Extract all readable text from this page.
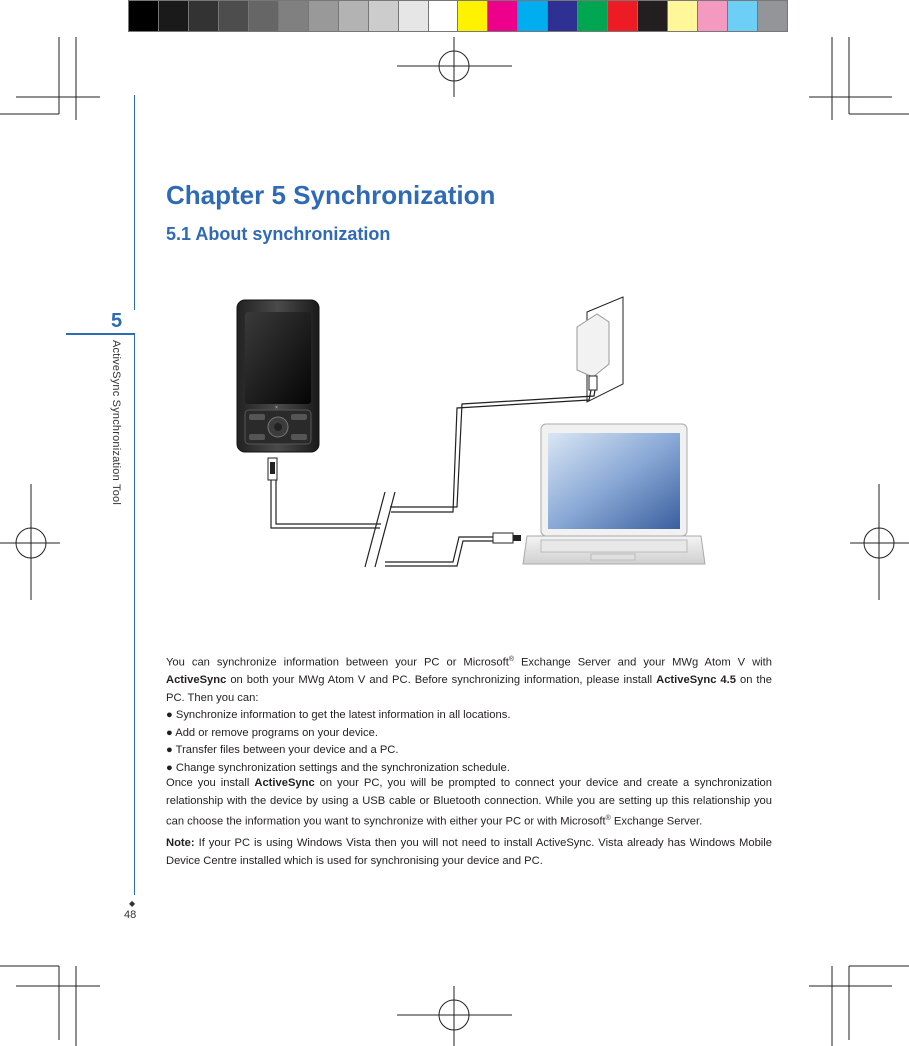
5
ActiveSync Synchronization Tool
◆
48
Chapter 5 Synchronization
5.1 About synchronization
×

You can synchronize information between your PC or Microsoft® Exchange Server and your MWg Atom V with ActiveSync on both your MWg Atom V and PC. Before synchronizing information, please install ActiveSync 4.5 on the PC. Then you can:

● Synchronize information to get the latest information in all locations.

● Add or remove programs on your device.

● Transfer files between your device and a PC.

● Change synchronization settings and the synchronization schedule.

Once you install ActiveSync on your PC, you will be prompted to connect your device and create a synchronization relationship with the device by using a USB cable or Bluetooth connection. While you are setting up this relationship you can choose the information you want to synchronize with either your PC or with Microsoft® Exchange Server.

Note: If your PC is using Windows Vista then you will not need to install ActiveSync. Vista already has Windows Mobile Device Centre installed which is used for synchronising your device and PC.
